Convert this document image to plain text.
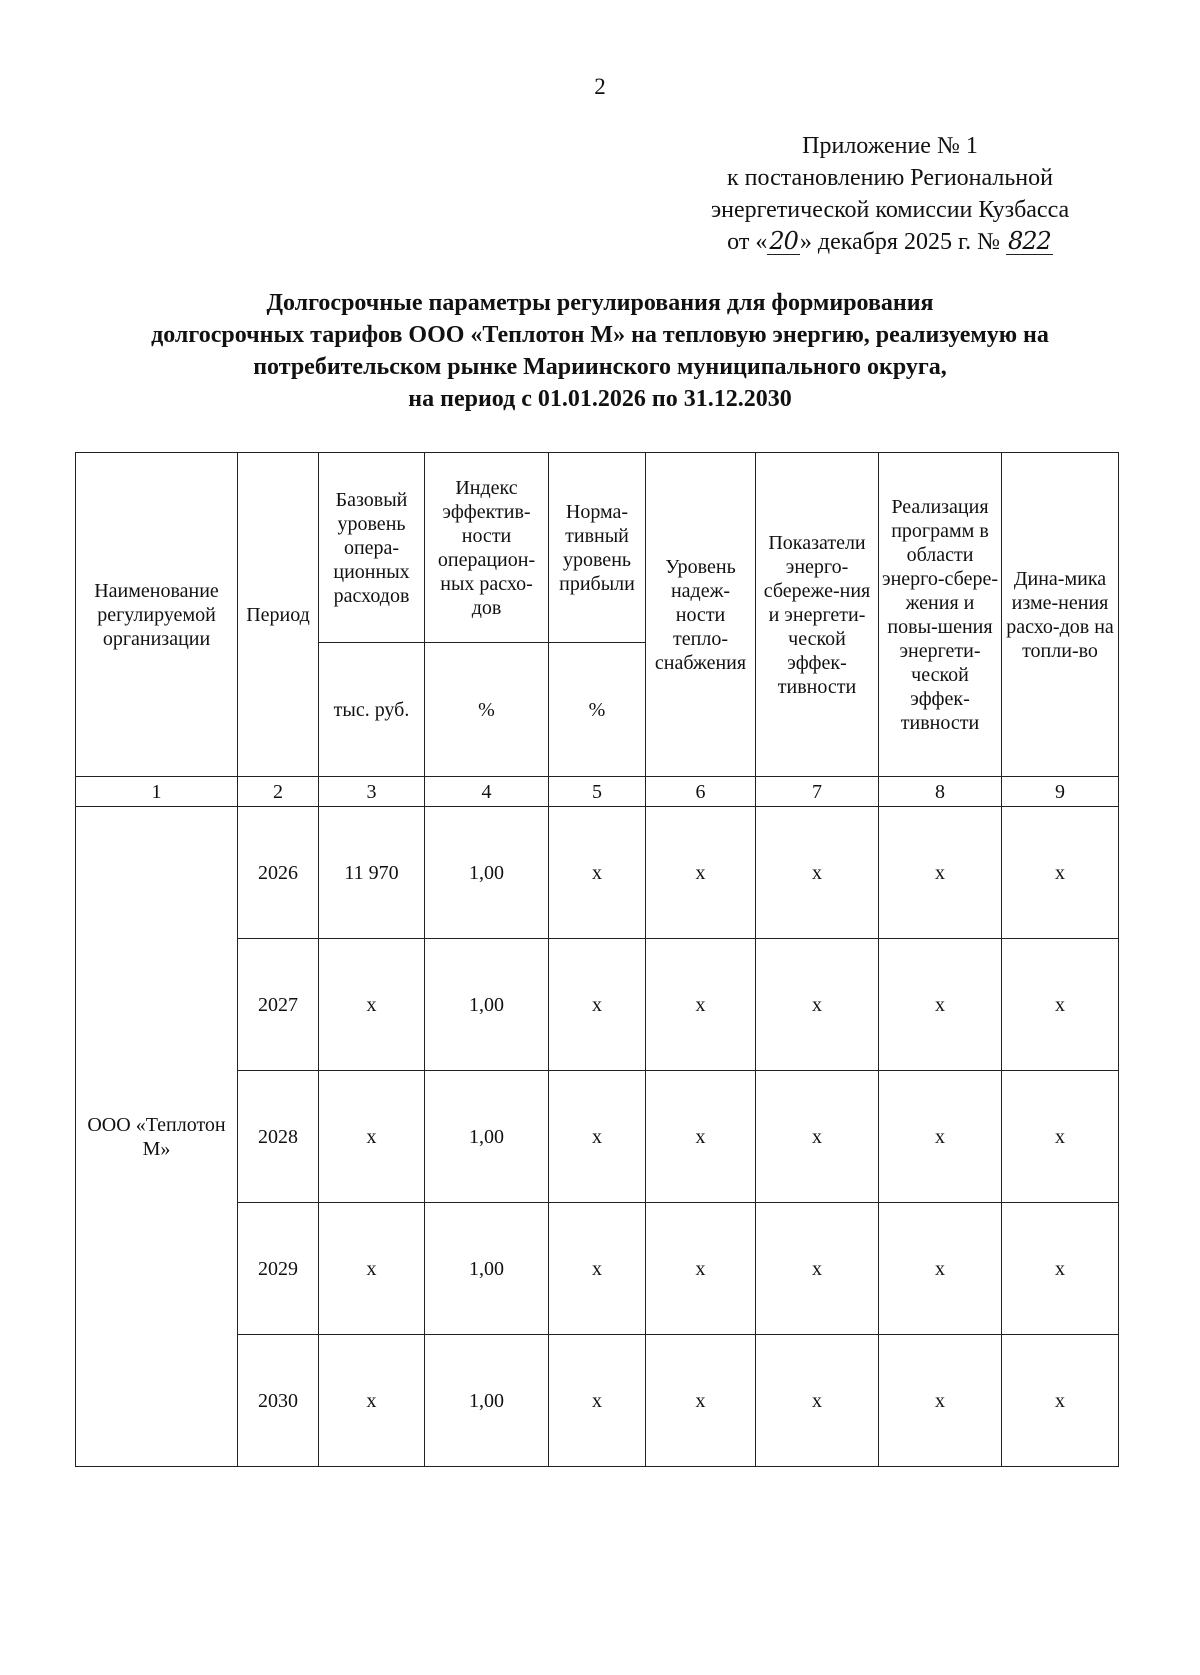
2
Приложение № 1
к постановлению Региональной
энергетической комиссии Кузбасса
от «20» декабря 2025 г. № 822
Долгосрочные параметры регулирования для формирования
долгосрочных тарифов ООО «Теплотон М» на тепловую энергию, реализуемую на
потребительском рынке Мариинского муниципального округа,
на период с 01.01.2026 по 31.12.2030
Наименование регулируемой организации	Период	Базовый уровень опера-ционных расходов	Индекс эффектив-ности операцион-ных расхо-дов	Норма-тивный уровень прибыли	Уровень надеж-ности тепло-снабжения	Показатели энерго-сбереже-ния и энергети-ческой эффек-тивности	Реализация программ в области энерго-сбере-жения и повы-шения энергети-ческой эффек-тивности	Дина-мика изме-нения расхо-дов на топли-во
		тыс. руб.	%	%				
1	2	3	4	5	6	7	8	9
ООО «Теплотон М»	2026	11 970	1,00	х	х	х	х	х
	2027	х	1,00	х	х	х	х	х
	2028	х	1,00	х	х	х	х	х
	2029	х	1,00	х	х	х	х	х
	2030	х	1,00	х	х	х	х	х
